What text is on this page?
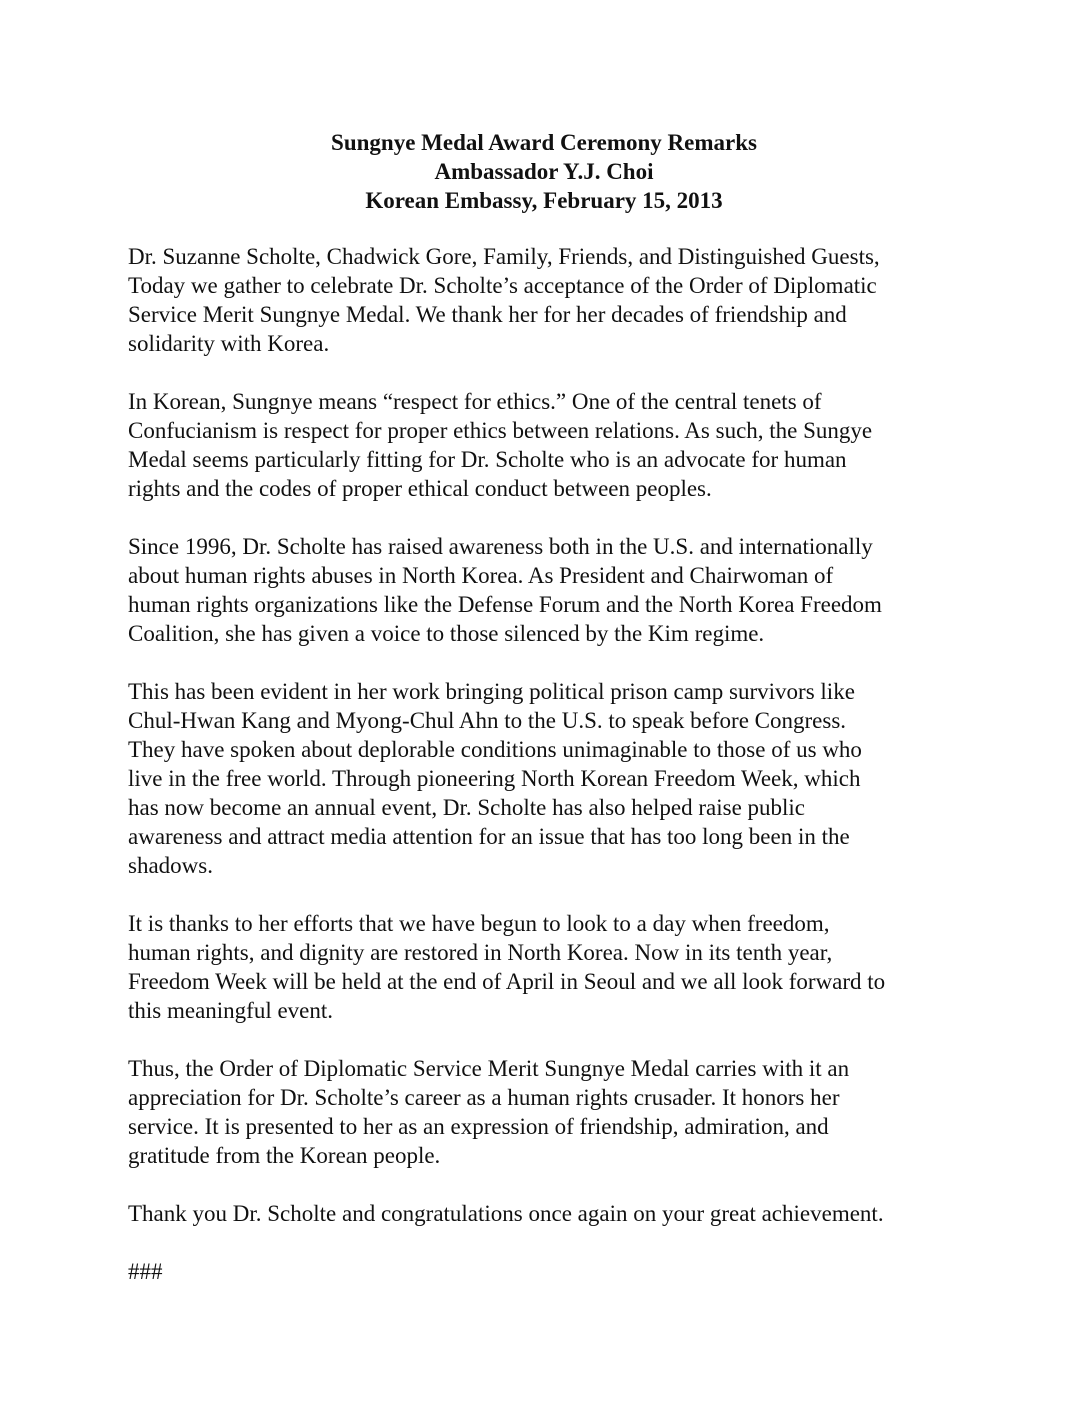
Sungnye Medal Award Ceremony Remarks
Ambassador Y.J. Choi
Korean Embassy, February 15, 2013
Dr. Suzanne Scholte, Chadwick Gore, Family, Friends, and Distinguished Guests,
Today we gather to celebrate Dr. Scholte’s acceptance of the Order of Diplomatic
Service Merit Sungnye Medal. We thank her for her decades of friendship and
solidarity with Korea.
In Korean, Sungnye means “respect for ethics.” One of the central tenets of
Confucianism is respect for proper ethics between relations. As such, the Sungye
Medal seems particularly fitting for Dr. Scholte who is an advocate for human
rights and the codes of proper ethical conduct between peoples.
Since 1996, Dr. Scholte has raised awareness both in the U.S. and internationally
about human rights abuses in North Korea. As President and Chairwoman of
human rights organizations like the Defense Forum and the North Korea Freedom
Coalition, she has given a voice to those silenced by the Kim regime.
This has been evident in her work bringing political prison camp survivors like
Chul-Hwan Kang and Myong-Chul Ahn to the U.S. to speak before Congress.
They have spoken about deplorable conditions unimaginable to those of us who
live in the free world. Through pioneering North Korean Freedom Week, which
has now become an annual event, Dr. Scholte has also helped raise public
awareness and attract media attention for an issue that has too long been in the
shadows.
It is thanks to her efforts that we have begun to look to a day when freedom,
human rights, and dignity are restored in North Korea. Now in its tenth year,
Freedom Week will be held at the end of April in Seoul and we all look forward to
this meaningful event.
Thus, the Order of Diplomatic Service Merit Sungnye Medal carries with it an
appreciation for Dr. Scholte’s career as a human rights crusader. It honors her
service. It is presented to her as an expression of friendship, admiration, and
gratitude from the Korean people.
Thank you Dr. Scholte and congratulations once again on your great achievement.
###
